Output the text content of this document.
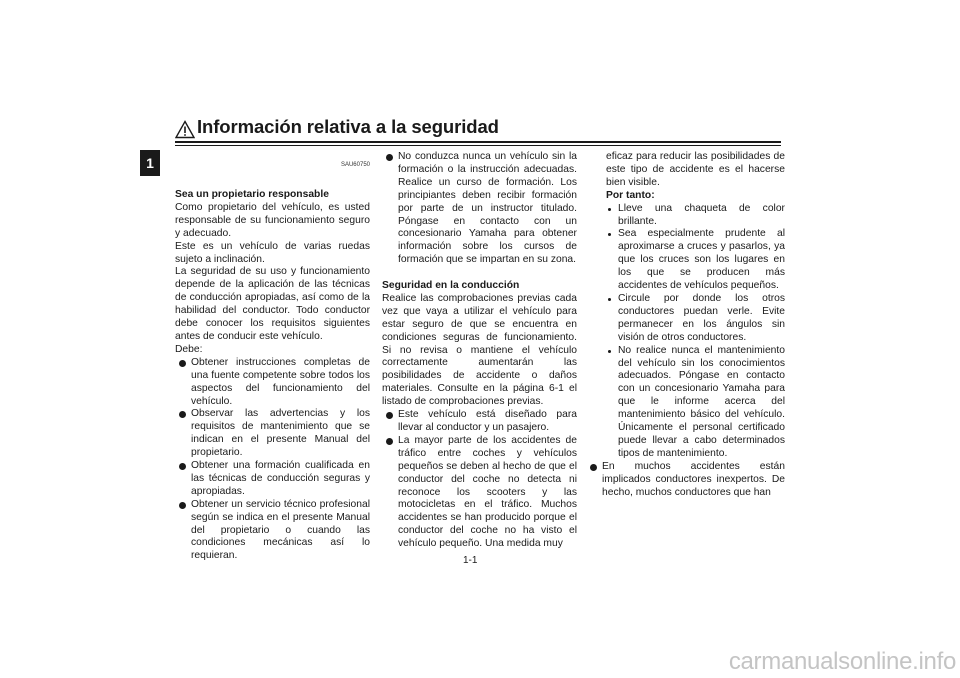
Información relativa a la seguridad
1	SAU60750
Sea un propietario responsable
Como propietario del vehículo, es usted responsable de su funcionamiento seguro y adecuado.
Este es un vehículo de varias ruedas sujeto a inclinación.
La seguridad de su uso y funcionamiento depende de la aplicación de las técnicas de conducción apropiadas, así como de la habilidad del conductor. Todo conductor debe conocer los requisitos siguientes antes de conducir este vehículo.
Debe:
Obtener instrucciones completas de una fuente competente sobre todos los aspectos del funcionamiento del vehículo.
Observar las advertencias y los requisitos de mantenimiento que se indican en el presente Manual del propietario.
Obtener una formación cualificada en las técnicas de conducción seguras y apropiadas.
Obtener un servicio técnico profesional según se indica en el presente Manual del propietario o cuando las condiciones mecánicas así lo requieran.
No conduzca nunca un vehículo sin la formación o la instrucción adecuadas. Realice un curso de formación. Los principiantes deben recibir formación por parte de un instructor titulado. Póngase en contacto con un concesionario Yamaha para obtener información sobre los cursos de formación que se impartan en su zona.
Seguridad en la conducción
Realice las comprobaciones previas cada vez que vaya a utilizar el vehículo para estar seguro de que se encuentra en condiciones seguras de funcionamiento. Si no revisa o mantiene el vehículo correctamente aumentarán las posibilidades de accidente o daños materiales. Consulte en la página 6-1 el listado de comprobaciones previas.
Este vehículo está diseñado para llevar al conductor y un pasajero.
La mayor parte de los accidentes de tráfico entre coches y vehículos pequeños se deben al hecho de que el conductor del coche no detecta ni reconoce los scooters y las motocicletas en el tráfico. Muchos accidentes se han producido porque el conductor del coche no ha visto el vehículo pequeño. Una medida muy
eficaz para reducir las posibilidades de este tipo de accidente es el hacerse bien visible.
Por tanto:
Lleve una chaqueta de color brillante.
Sea especialmente prudente al aproximarse a cruces y pasarlos, ya que los cruces son los lugares en los que se producen más accidentes de vehículos pequeños.
Circule por donde los otros conductores puedan verle. Evite permanecer en los ángulos sin visión de otros conductores.
No realice nunca el mantenimiento del vehículo sin los conocimientos adecuados. Póngase en contacto con un concesionario Yamaha para que le informe acerca del mantenimiento básico del vehículo. Únicamente el personal certificado puede llevar a cabo determinados tipos de mantenimiento.
En muchos accidentes están implicados conductores inexpertos. De hecho, muchos conductores que han
1-1
carmanualsonline.info
